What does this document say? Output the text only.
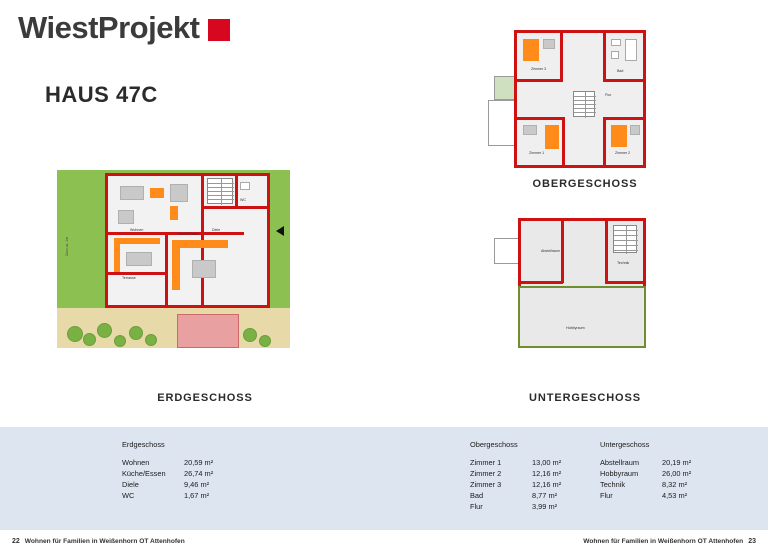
WiestProjekt
HAUS 47C
Zaun ca. 1m
Wohnen	Diele
WC
Küche/Essen
Terrasse
ERDGESCHOSS
Zimmer 3	Bad
Flur
Zimmer 1	Zimmer 2
OBERGESCHOSS
Abstellraum
Technik
Hobbyraum
UNTERGESCHOSS
Erdgeschoss
Wohnen	20,59 m²
Küche/Essen	26,74 m²
Diele	9,46 m²
WC	1,67 m²
Obergeschoss
Zimmer 1	13,00 m²
Zimmer 2	12,16 m²
Zimmer 3	12,16 m²
Bad	8,77 m²
Flur	3,99 m²
Untergeschoss
Abstellraum	20,19 m²
Hobbyraum	26,00 m²
Technik	8,32 m²
Flur	4,53 m²
22 Wohnen für Familien in Weißenhorn OT Attenhofen	Wohnen für Familien in Weißenhorn OT Attenhofen 23
